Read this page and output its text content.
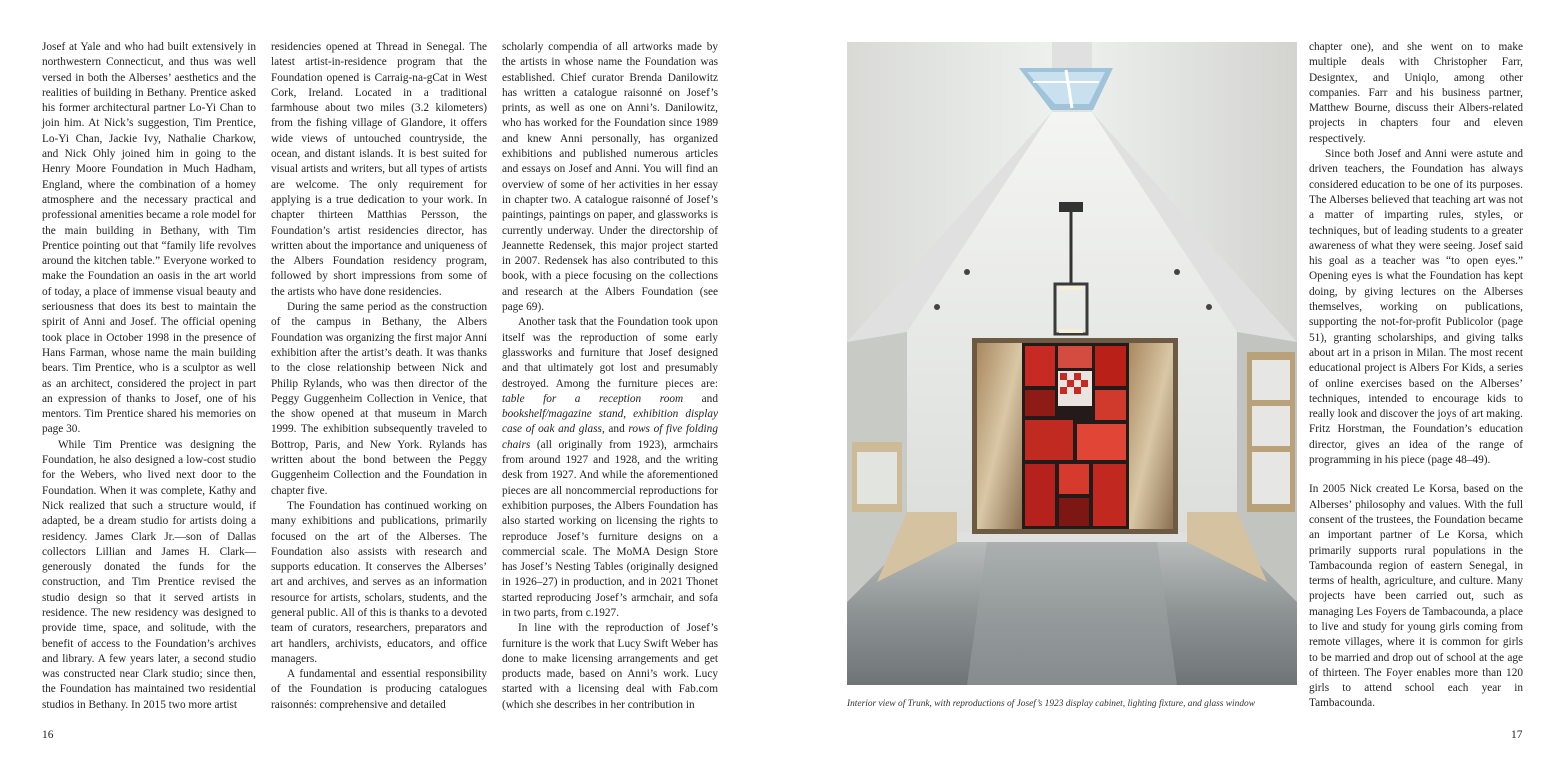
Josef at Yale and who had built extensively in northwestern Connecticut, and thus was well versed in both the Alberses’ aesthetics and the realities of building in Bethany. Prentice asked his former architectural partner Lo-Yi Chan to join him. At Nick’s suggestion, Tim Prentice, Lo-Yi Chan, Jackie Ivy, Nathalie Charkow, and Nick Ohly joined him in going to the Henry Moore Foundation in Much Hadham, England, where the combination of a homey atmosphere and the necessary practical and professional amenities became a role model for the main building in Bethany, with Tim Prentice pointing out that “family life revolves around the kitchen table.” Everyone worked to make the Foundation an oasis in the art world of today, a place of immense visual beauty and seriousness that does its best to maintain the spirit of Anni and Josef. The official opening took place in October 1998 in the presence of Hans Farman, whose name the main building bears. Tim Prentice, who is a sculptor as well as an architect, considered the project in part an expression of thanks to Josef, one of his mentors. Tim Prentice shared his memories on page 30.

While Tim Prentice was designing the Foundation, he also designed a low-cost studio for the Webers, who lived next door to the Foundation. When it was complete, Kathy and Nick realized that such a structure would, if adapted, be a dream studio for artists doing a residency. James Clark Jr.—son of Dallas collectors Lillian and James H. Clark—generously donated the funds for the construction, and Tim Prentice revised the studio design so that it served artists in residence. The new residency was designed to provide time, space, and solitude, with the benefit of access to the Foundation’s archives and library. A few years later, a second studio was constructed near Clark studio; since then, the Foundation has maintained two residential studios in Bethany. In 2015 two more artist

residencies opened at Thread in Senegal. The latest artist-in-residence program that the Foundation opened is Carraig-na-gCat in West Cork, Ireland. Located in a traditional farmhouse about two miles (3.2 kilometers) from the fishing village of Glandore, it offers wide views of untouched countryside, the ocean, and distant islands. It is best suited for visual artists and writers, but all types of artists are welcome. The only requirement for applying is a true dedication to your work. In chapter thirteen Matthias Persson, the Foundation’s artist residencies director, has written about the importance and uniqueness of the Albers Foundation residency program, followed by short impressions from some of the artists who have done residencies.

During the same period as the construction of the campus in Bethany, the Albers Foundation was organizing the first major Anni exhibition after the artist’s death. It was thanks to the close relationship between Nick and Philip Rylands, who was then director of the Peggy Guggenheim Collection in Venice, that the show opened at that museum in March 1999. The exhibition subsequently traveled to Bottrop, Paris, and New York. Rylands has written about the bond between the Peggy Guggenheim Collection and the Foundation in chapter five.

The Foundation has continued working on many exhibitions and publications, primarily focused on the art of the Alberses. The Foundation also assists with research and supports education. It conserves the Alberses’ art and archives, and serves as an information resource for artists, scholars, students, and the general public. All of this is thanks to a devoted team of curators, researchers, preparators and art handlers, archivists, educators, and office managers.

A fundamental and essential responsibility of the Foundation is producing catalogues raisonnés: comprehensive and detailed

scholarly compendia of all artworks made by the artists in whose name the Foundation was established. Chief curator Brenda Danilowitz has written a catalogue raisonné on Josef’s prints, as well as one on Anni’s. Danilowitz, who has worked for the Foundation since 1989 and knew Anni personally, has organized exhibitions and published numerous articles and essays on Josef and Anni. You will find an overview of some of her activities in her essay in chapter two. A catalogue raisonné of Josef’s paintings, paintings on paper, and glassworks is currently underway. Under the directorship of Jeannette Redensek, this major project started in 2007. Redensek has also contributed to this book, with a piece focusing on the collections and research at the Albers Foundation (see page 69).

Another task that the Foundation took upon itself was the reproduction of some early glassworks and furniture that Josef designed and that ultimately got lost and presumably destroyed. Among the furniture pieces are: table for a reception room and bookshelf/magazine stand, exhibition display case of oak and glass, and rows of five folding chairs (all originally from 1923), armchairs from around 1927 and 1928, and the writing desk from 1927. And while the aforementioned pieces are all noncommercial reproductions for exhibition purposes, the Albers Foundation has also started working on licensing the rights to reproduce Josef’s furniture designs on a commercial scale. The MoMA Design Store has Josef’s Nesting Tables (originally designed in 1926–27) in production, and in 2021 Thonet started reproducing Josef’s armchair, and sofa in two parts, from c.1927.

In line with the reproduction of Josef’s furniture is the work that Lucy Swift Weber has done to make licensing arrangements and get products made, based on Anni’s work. Lucy started with a licensing deal with Fab.com (which she describes in her contribution in

16
Interior view of Trunk, with reproductions of Josef’s 1923 display cabinet, lighting fixture, and glass window

chapter one), and she went on to make multiple deals with Christopher Farr, Designtex, and Uniqlo, among other companies. Farr and his business partner, Matthew Bourne, discuss their Albers-related projects in chapters four and eleven respectively.

Since both Josef and Anni were astute and driven teachers, the Foundation has always considered education to be one of its purposes. The Alberses believed that teaching art was not a matter of imparting rules, styles, or techniques, but of leading students to a greater awareness of what they were seeing. Josef said his goal as a teacher was “to open eyes.” Opening eyes is what the Foundation has kept doing, by giving lectures on the Alberses themselves, working on publications, supporting the not-for-profit Publicolor (page 51), granting scholarships, and giving talks about art in a prison in Milan. The most recent educational project is Albers For Kids, a series of online exercises based on the Alberses’ techniques, intended to encourage kids to really look and discover the joys of art making. Fritz Horstman, the Foundation’s education director, gives an idea of the range of programming in his piece (page 48–49).

In 2005 Nick created Le Korsa, based on the Alberses’ philosophy and values. With the full consent of the trustees, the Foundation became an important partner of Le Korsa, which primarily supports rural populations in the Tambacounda region of eastern Senegal, in terms of health, agriculture, and culture. Many projects have been carried out, such as managing Les Foyers de Tambacounda, a place to live and study for young girls coming from remote villages, where it is common for girls to be married and drop out of school at the age of thirteen. The Foyer enables more than 120 girls to attend school each year in Tambacounda.

17
